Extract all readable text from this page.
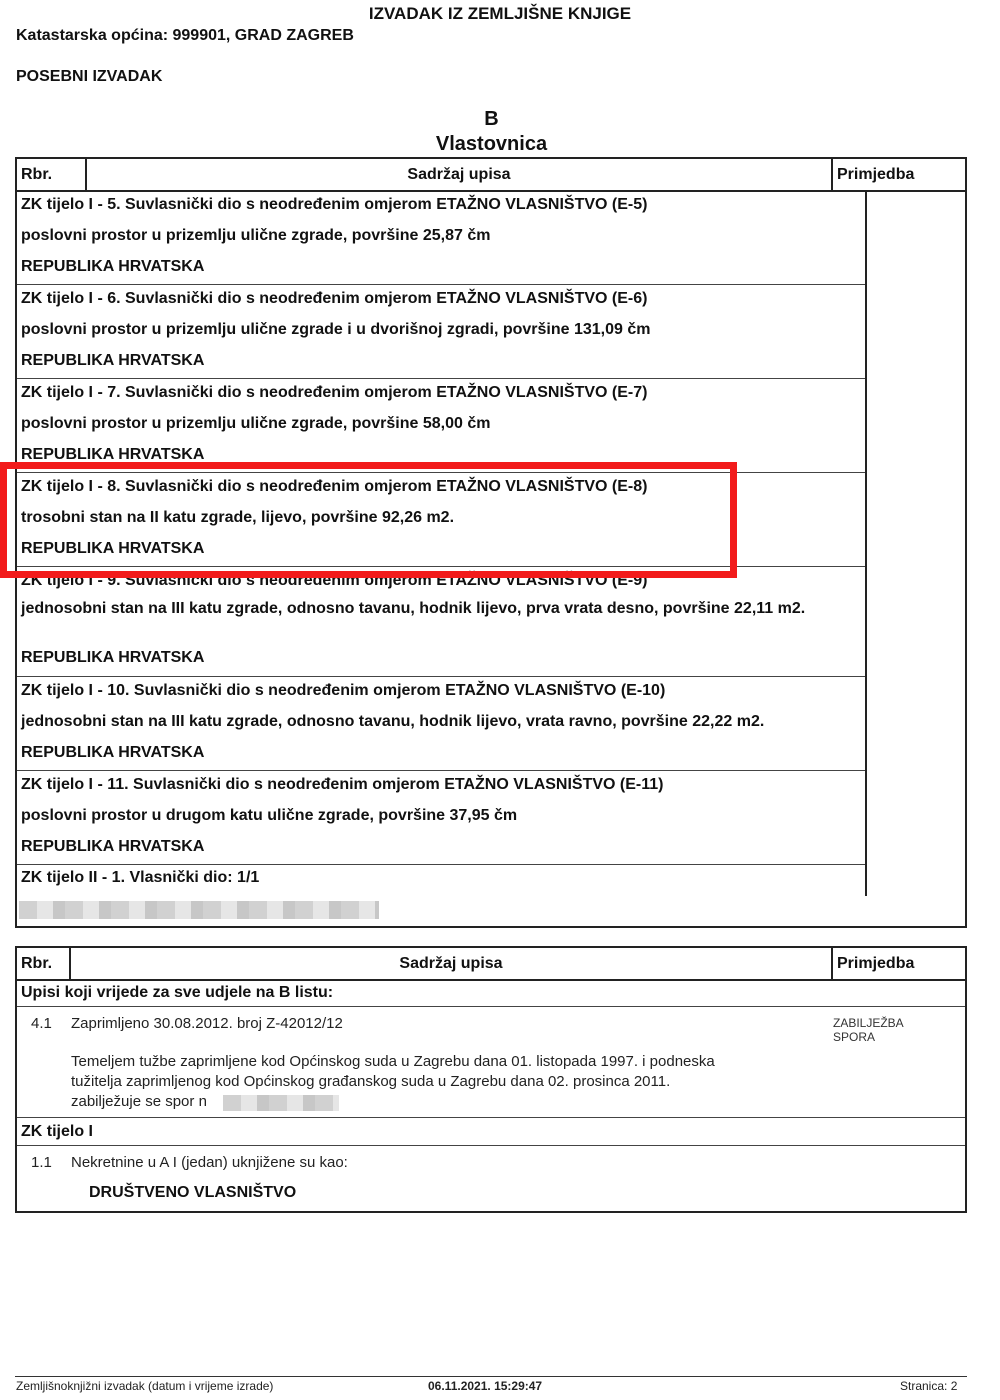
IZVADAK IZ ZEMLJIŠNE KNJIGE
Katastarska općina: 999901, GRAD ZAGREB
POSEBNI IZVADAK
B
Vlastovnica
Rbr.	Sadržaj upisa	Primjedba
ZK tijelo I - 5. Suvlasnički dio s neodređenim omjerom ETAŽNO VLASNIŠTVO (E-5)
poslovni prostor u prizemlju ulične zgrade, površine 25,87 čm
REPUBLIKA HRVATSKA
ZK tijelo I - 6. Suvlasnički dio s neodređenim omjerom ETAŽNO VLASNIŠTVO (E-6)
poslovni prostor u prizemlju ulične zgrade i u dvorišnoj zgradi, površine 131,09 čm
REPUBLIKA HRVATSKA
ZK tijelo I - 7. Suvlasnički dio s neodređenim omjerom ETAŽNO VLASNIŠTVO (E-7)
poslovni prostor u prizemlju ulične zgrade, površine 58,00 čm
REPUBLIKA HRVATSKA
ZK tijelo I - 8. Suvlasnički dio s neodređenim omjerom ETAŽNO VLASNIŠTVO (E-8)
trosobni stan na II katu zgrade, lijevo, površine 92,26 m2.
REPUBLIKA HRVATSKA
ZK tijelo I - 9. Suvlasnički dio s neodređenim omjerom ETAŽNO VLASNIŠTVO (E-9)
jednosobni stan na III katu zgrade, odnosno tavanu, hodnik lijevo, prva vrata desno, površine 22,11 m2.
REPUBLIKA HRVATSKA
ZK tijelo I - 10. Suvlasnički dio s neodređenim omjerom ETAŽNO VLASNIŠTVO (E-10)
jednosobni stan na III katu zgrade, odnosno tavanu, hodnik lijevo, vrata ravno, površine 22,22 m2.
REPUBLIKA HRVATSKA
ZK tijelo I - 11. Suvlasnički dio s neodređenim omjerom ETAŽNO VLASNIŠTVO (E-11)
poslovni prostor u drugom katu ulične zgrade, površine 37,95 čm
REPUBLIKA HRVATSKA
ZK tijelo II - 1. Vlasnički dio: 1/1
Rbr.	Sadržaj upisa	Primjedba
Upisi koji vrijede za sve udjele na B listu:
4.1 Zaprimljeno 30.08.2012. broj Z-42012/12	ZABILJEŽBA
SPORA
Temeljem tužbe zaprimljene kod Općinskog suda u Zagrebu dana 01. listopada 1997. i podneska
tužitelja zaprimljenog kod Općinskog građanskog suda u Zagrebu dana 02. prosinca 2011.
zabilježuje se spor n
ZK tijelo I
1.1 Nekretnine u A I (jedan) uknjižene su kao:
DRUŠTVENO VLASNIŠTVO
Zemljišnoknjižni izvadak (datum i vrijeme izrade)	06.11.2021. 15:29:47	Stranica: 2
